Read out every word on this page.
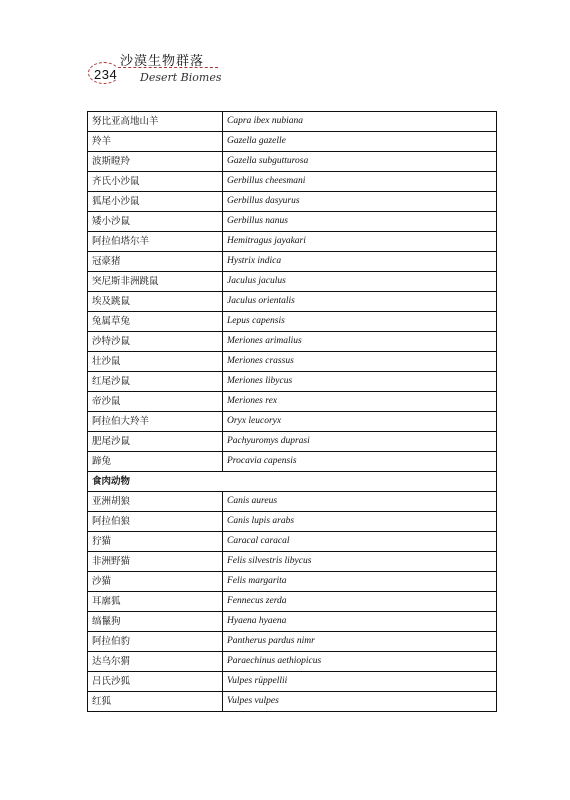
234
沙漠生物群落
Desert Biomes
努比亚高地山羊	Capra ibex nubiana
羚羊	Gazella gazelle
波斯瞪羚	Gazella subgutturosa
齐氏小沙鼠	Gerbillus cheesmani
狐尾小沙鼠	Gerbillus dasyurus
矮小沙鼠	Gerbillus nanus
阿拉伯塔尔羊	Hemitragus jayakari
冠豪猪	Hystrix indica
突尼斯非洲跳鼠	Jaculus jaculus
埃及跳鼠	Jaculus orientalis
兔属草兔	Lepus capensis
沙特沙鼠	Meriones arimalius
壮沙鼠	Meriones crassus
红尾沙鼠	Meriones libycus
帝沙鼠	Meriones rex
阿拉伯大羚羊	Oryx leucoryx
肥尾沙鼠	Pachyuromys duprasi
蹄兔	Procavia capensis
食肉动物	
亚洲胡狼	Canis aureus
阿拉伯狼	Canis lupis arabs
狞猫	Caracal caracal
非洲野猫	Felis silvestris libycus
沙猫	Felis margarita
耳廓狐	Fennecus zerda
缟鬣狗	Hyaena hyaena
阿拉伯豹	Pantherus pardus nimr
达乌尔猬	Paraechinus aethiopicus
吕氏沙狐	Vulpes rüppellii
红狐	Vulpes vulpes
